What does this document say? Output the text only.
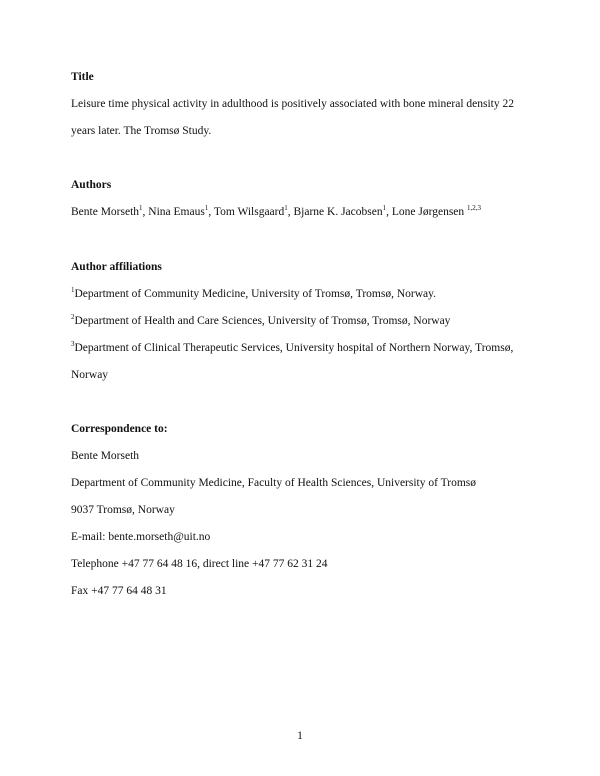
Title
Leisure time physical activity in adulthood is positively associated with bone mineral density 22
years later. The Tromsø Study.
Authors
Bente Morseth$^1$, Nina Emaus$^1$, Tom Wilsgaard$^1$, Bjarne K. Jacobsen$^1$, Lone Jørgensen $^{1,2,3}$
Author affiliations
$^1$Department of Community Medicine, University of Tromsø, Tromsø, Norway.
$^2$Department of Health and Care Sciences, University of Tromsø, Tromsø, Norway
$^3$Department of Clinical Therapeutic Services, University hospital of Northern Norway, Tromsø,
Norway
Correspondence to:
Bente Morseth
Department of Community Medicine, Faculty of Health Sciences, University of Tromsø
9037 Tromsø, Norway
E-mail: bente.morseth@uit.no
Telephone +47 77 64 48 16, direct line +47 77 62 31 24
Fax +47 77 64 48 31
1
